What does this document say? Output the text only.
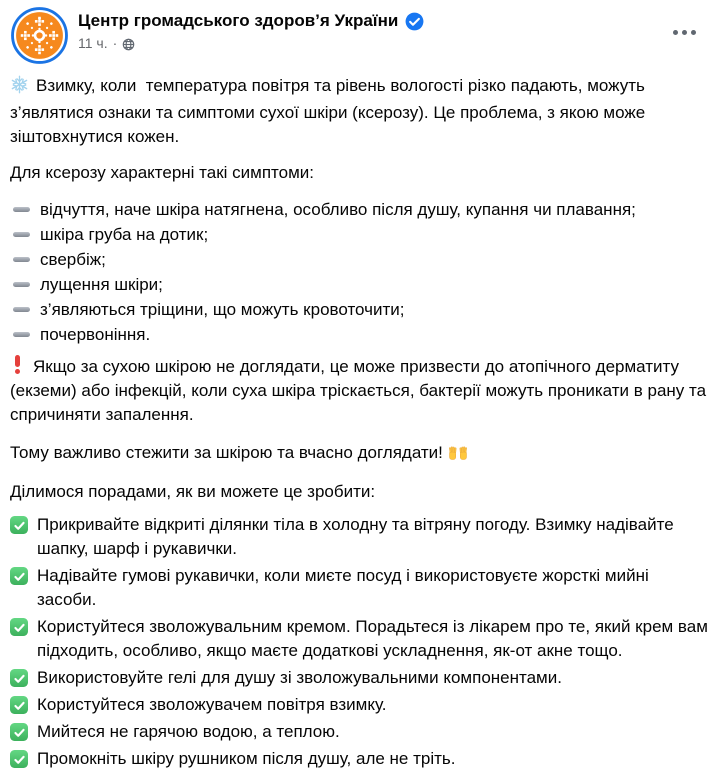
Центр громадського здоров’я України
11 ч. ·

Взимку, коли  температура повітря та рівень вологості різко падають, можуть з’являтися ознаки та симптоми сухої шкіри (ксерозу). Це проблема, з якою може зіштовхнутися кожен.

Для ксерозу характерні такі симптоми:

відчуття, наче шкіра натягнена, особливо після душу, купання чи плавання;
шкіра груба на дотик;
свербіж;
лущення шкіри;
з’являються тріщини, що можуть кровоточити;
почервоніння.

Якщо за сухою шкірою не доглядати, це може призвести до атопічного дерматиту (екземи) або інфекцій, коли суха шкіра тріскається, бактерії можуть проникати в рану та спричиняти запалення.

Тому важливо стежити за шкірою та вчасно доглядати!

Ділимося порадами, як ви можете це зробити:

Прикривайте відкриті ділянки тіла в холодну та вітряну погоду. Взимку надівайте шапку, шарф і рукавички.
Надівайте гумові рукавички, коли миєте посуд і використовуєте жорсткі мийні засоби.
Користуйтеся зволожувальним кремом. Порадьтеся із лікарем про те, який крем вам підходить, особливо, якщо маєте додаткові ускладнення, як-от акне тощо.
Використовуйте гелі для душу зі зволожувальними компонентами.
Користуйтеся зволожувачем повітря взимку.
Мийтеся не гарячою водою, а теплою.
Промокніть шкіру рушником після душу, але не тріть.
